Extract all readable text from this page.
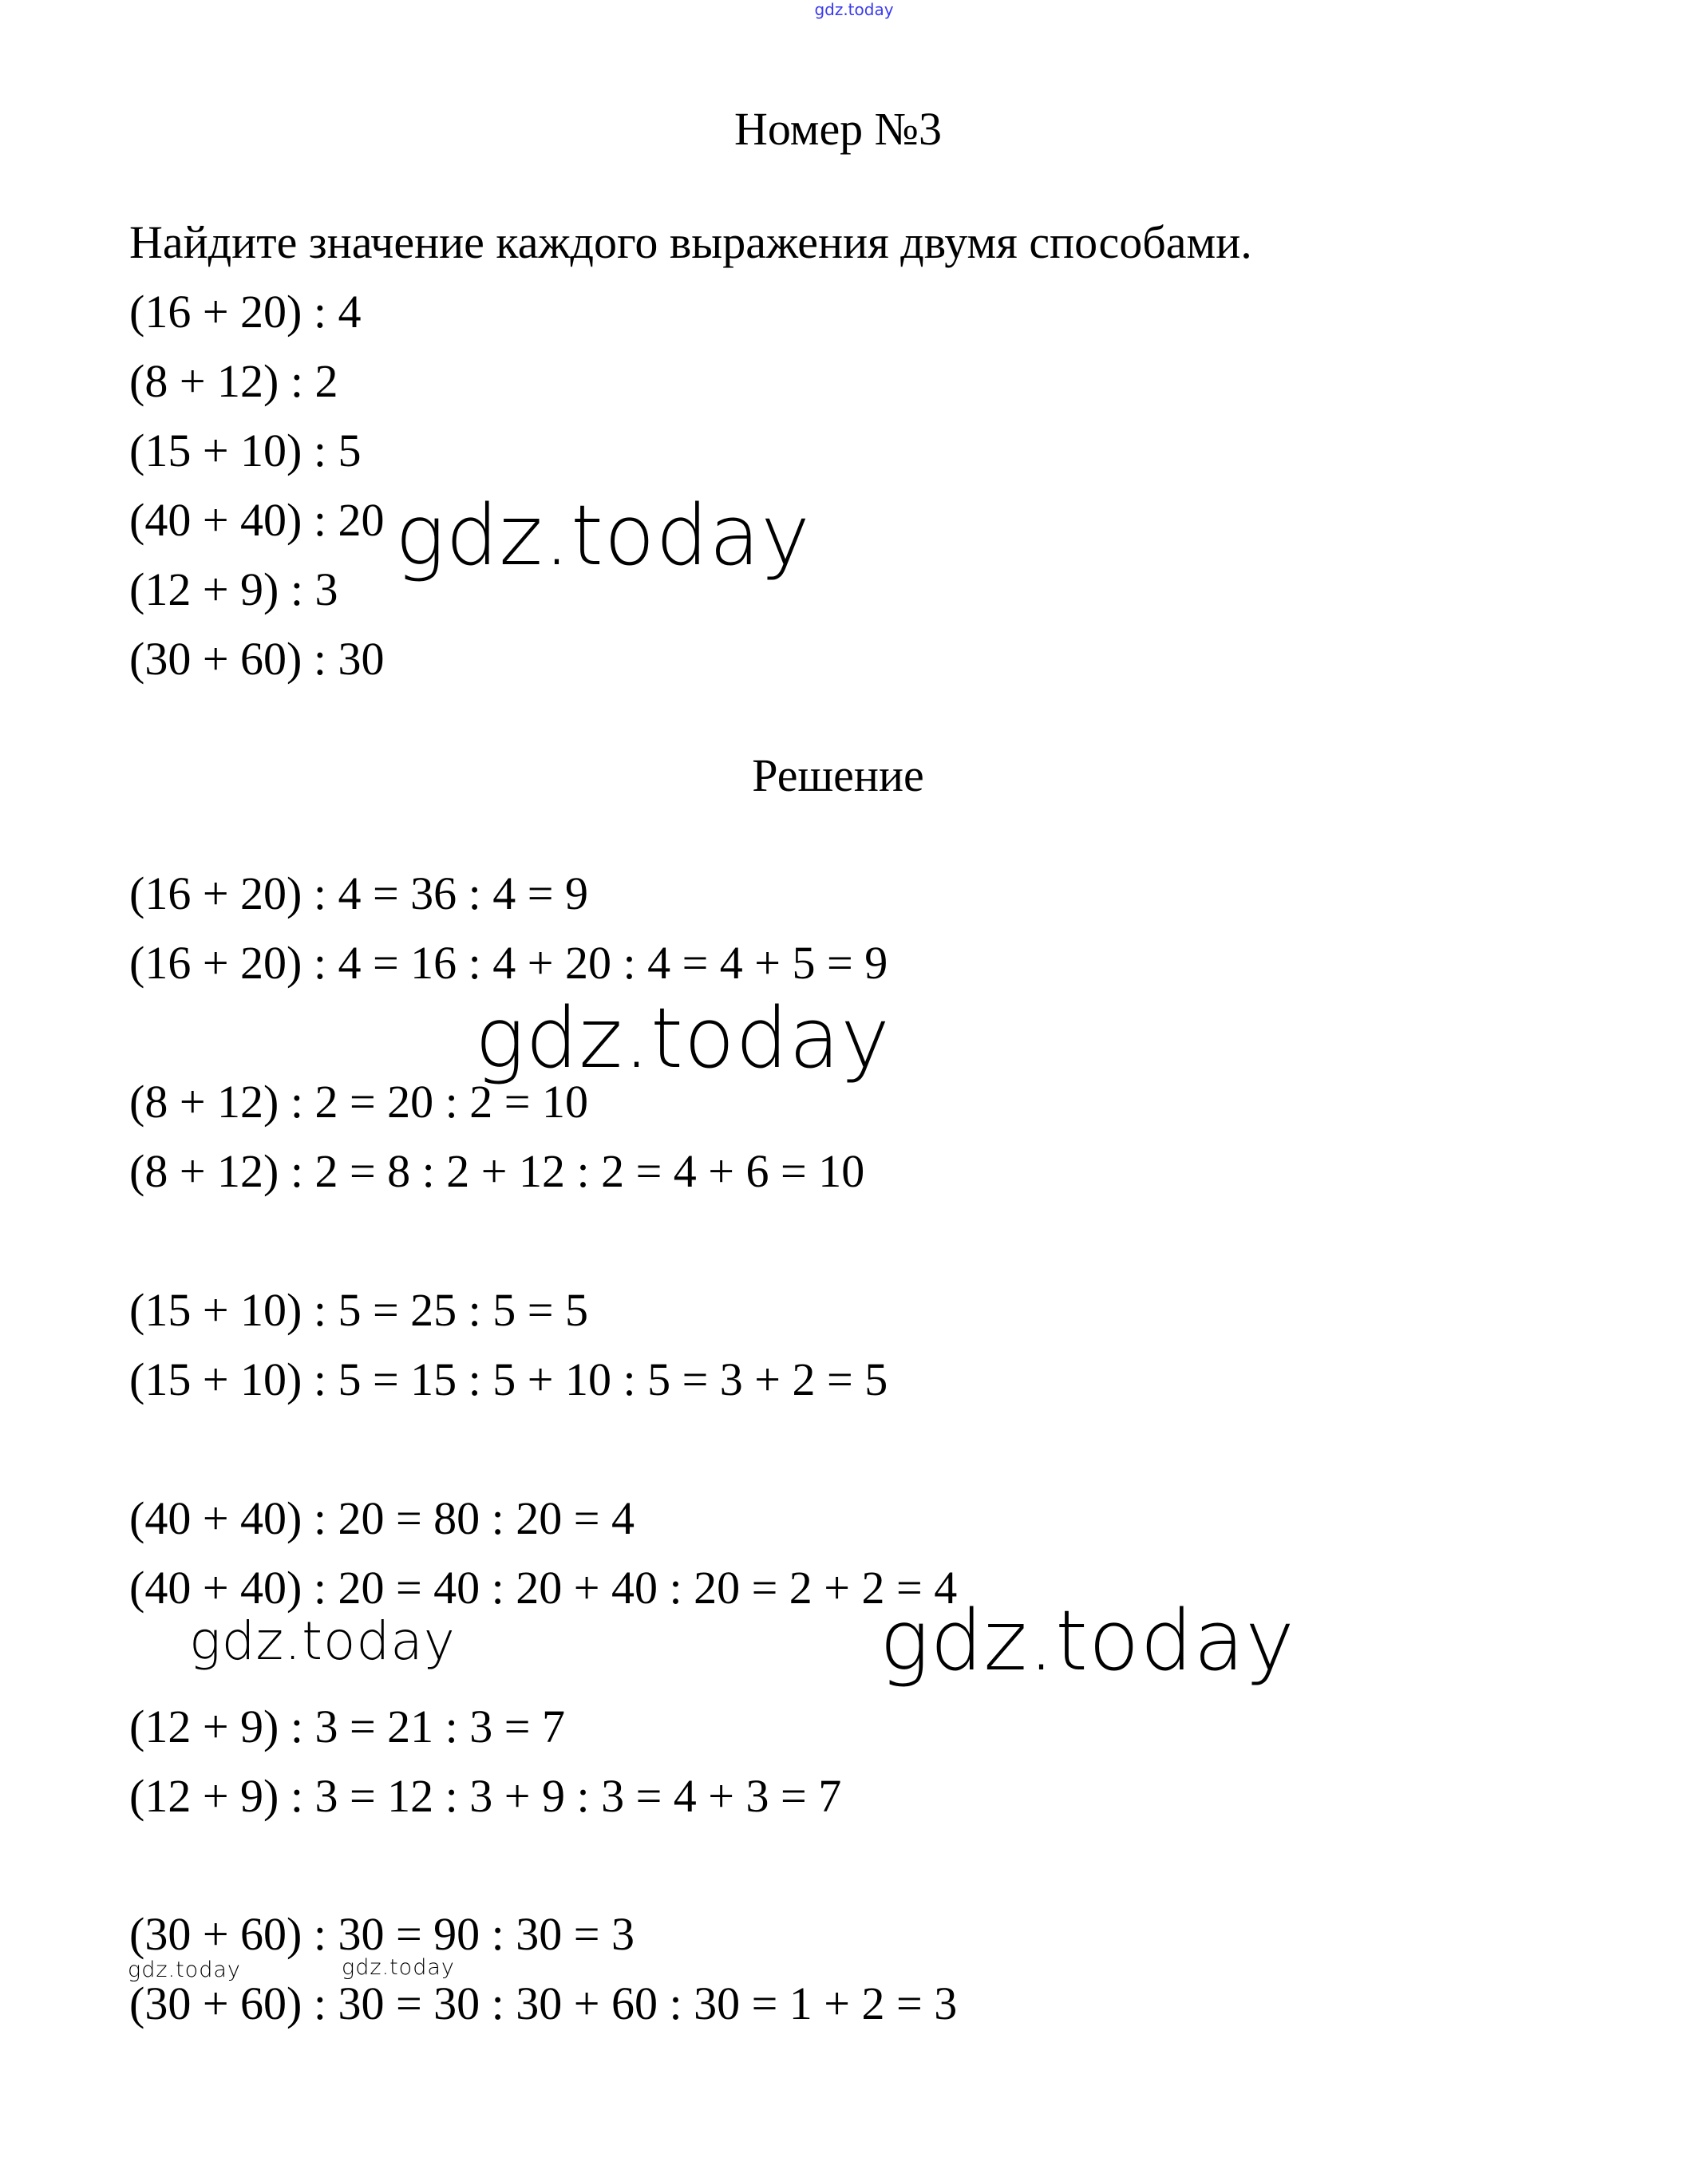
gdz.today
Номер №3
Найдите значение каждого выражения двумя способами.
(16 + 20) : 4
(8 + 12) : 2
(15 + 10) : 5
(40 + 40) : 20
(12 + 9) : 3
(30 + 60) : 30
Решение
(16 + 20) : 4 = 36 : 4 = 9
(16 + 20) : 4 = 16 : 4 + 20 : 4 = 4 + 5 = 9
(8 + 12) : 2 = 20 : 2 = 10
(8 + 12) : 2 = 8 : 2 + 12 : 2 = 4 + 6 = 10
(15 + 10) : 5 = 25 : 5 = 5
(15 + 10) : 5 = 15 : 5 + 10 : 5 = 3 + 2 = 5
(40 + 40) : 20 = 80 : 20 = 4
(40 + 40) : 20 = 40 : 20 + 40 : 20 = 2 + 2 = 4
(12 + 9) : 3 = 21 : 3 = 7
(12 + 9) : 3 = 12 : 3 + 9 : 3 = 4 + 3 = 7
(30 + 60) : 30 = 90 : 30 = 3
(30 + 60) : 30 = 30 : 30 + 60 : 30 = 1 + 2 = 3
gdz.today
gdz.today
gdz.today	gdz.today
gdz.today	gdz.today
